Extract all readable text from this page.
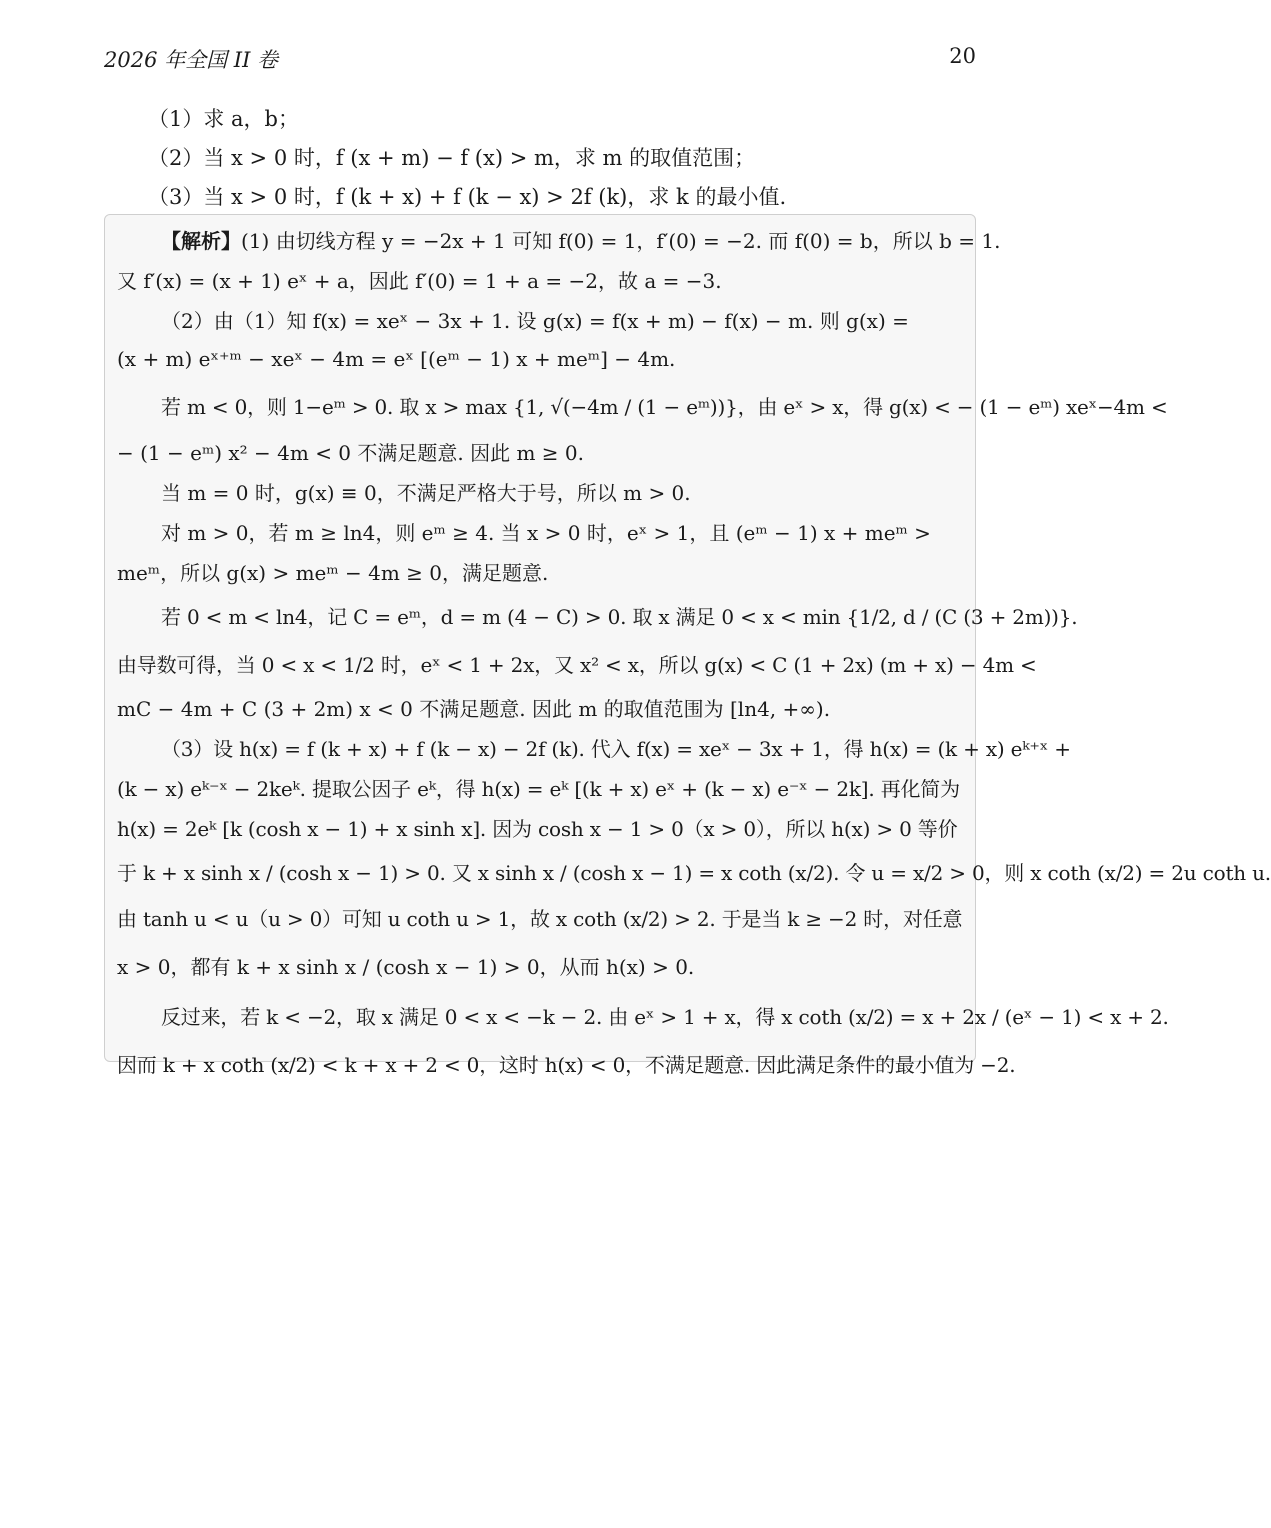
2026 年全国 II 卷	20
（1）求 a，b；
（2）当 x > 0 时，f (x + m) − f (x) > m，求 m 的取值范围；
（3）当 x > 0 时，f (k + x) + f (k − x) > 2f (k)，求 k 的最小值.
【解析】 (1) 由切线方程 y = −2x + 1 可知 f(0) = 1，f′(0) = −2. 而 f(0) = b，所以 b = 1.
又 f′(x) = (x + 1) eˣ + a，因此 f′(0) = 1 + a = −2，故 a = −3.
（2）由（1）知 f(x) = xeˣ − 3x + 1. 设 g(x) = f(x + m) − f(x) − m. 则 g(x) =
(x + m) eˣ⁺ᵐ − xeˣ − 4m = eˣ [(eᵐ − 1) x + meᵐ] − 4m.
若 m < 0，则 1−eᵐ > 0. 取 x > max {1, √(−4m / (1 − eᵐ))}，由 eˣ > x，得 g(x) < − (1 − eᵐ) xeˣ−4m <
− (1 − eᵐ) x² − 4m < 0 不满足题意. 因此 m ≥ 0.
当 m = 0 时，g(x) ≡ 0，不满足严格大于号，所以 m > 0.
对 m > 0，若 m ≥ ln4，则 eᵐ ≥ 4. 当 x > 0 时，eˣ > 1，且 (eᵐ − 1) x + meᵐ >
meᵐ，所以 g(x) > meᵐ − 4m ≥ 0，满足题意.
若 0 < m < ln4，记 C = eᵐ，d = m (4 − C) > 0. 取 x 满足 0 < x < min {1/2, d / (C (3 + 2m))}.
由导数可得，当 0 < x < 1/2 时，eˣ < 1 + 2x，又 x² < x，所以 g(x) < C (1 + 2x) (m + x) − 4m <
mC − 4m + C (3 + 2m) x < 0 不满足题意. 因此 m 的取值范围为 [ln4, +∞).
（3）设 h(x) = f (k + x) + f (k − x) − 2f (k). 代入 f(x) = xeˣ − 3x + 1，得 h(x) = (k + x) eᵏ⁺ˣ +
(k − x) eᵏ⁻ˣ − 2keᵏ. 提取公因子 eᵏ，得 h(x) = eᵏ [(k + x) eˣ + (k − x) e⁻ˣ − 2k]. 再化简为
h(x) = 2eᵏ [k (cosh x − 1) + x sinh x]. 因为 cosh x − 1 > 0（x > 0），所以 h(x) > 0 等价
于 k + x sinh x / (cosh x − 1) > 0. 又 x sinh x / (cosh x − 1) = x coth (x/2). 令 u = x/2 > 0，则 x coth (x/2) = 2u coth u.
由 tanh u < u（u > 0）可知 u coth u > 1，故 x coth (x/2) > 2. 于是当 k ≥ −2 时，对任意
x > 0，都有 k + x sinh x / (cosh x − 1) > 0，从而 h(x) > 0.
反过来，若 k < −2，取 x 满足 0 < x < −k − 2. 由 eˣ > 1 + x，得 x coth (x/2) = x + 2x / (eˣ − 1) < x + 2.
因而 k + x coth (x/2) < k + x + 2 < 0，这时 h(x) < 0，不满足题意. 因此满足条件的最小值为 −2.
